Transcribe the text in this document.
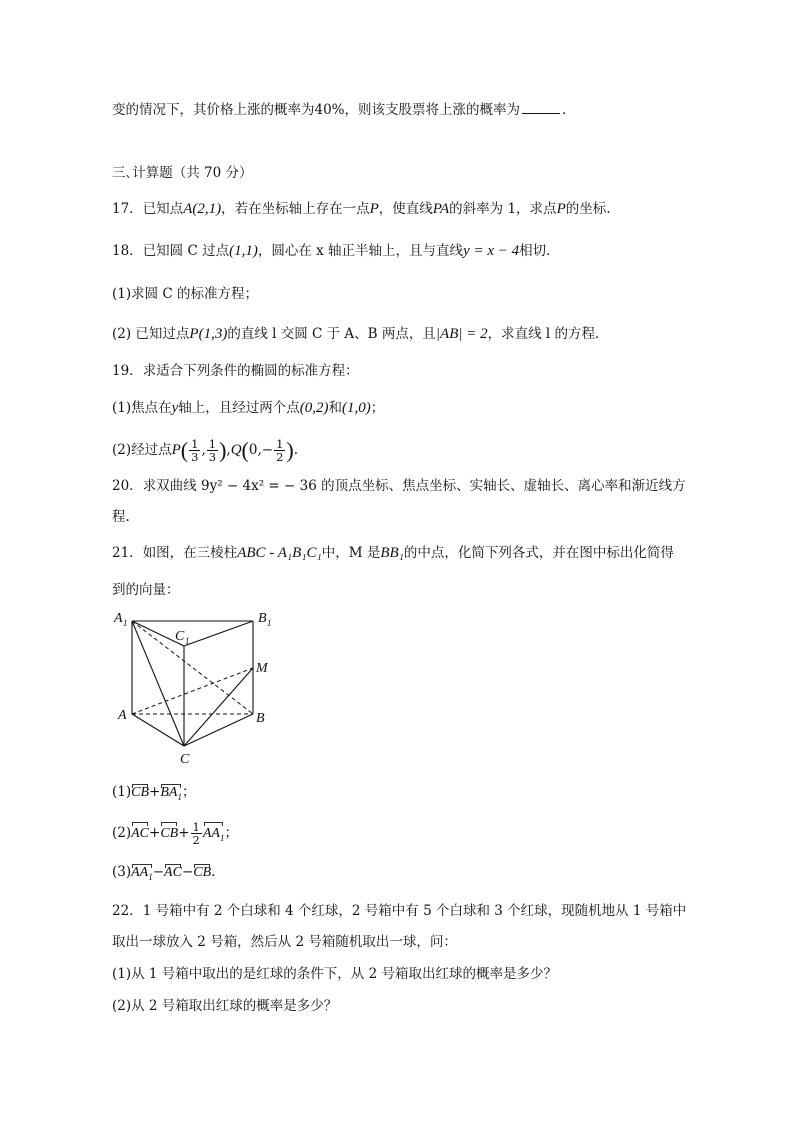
变的情况下，其价格上涨的概率为40%，则该支股票将上涨的概率为	.
三､计算题（共 70 分）
17．已知点A(2,1)，若在坐标轴上存在一点P，使直线PA的斜率为 1，求点P的坐标.
18．已知圆 C 过点(1,1)，圆心在 x 轴正半轴上，且与直线y = x − 4相切．
(1)求圆 C 的标准方程；
(2) 已知过点P(1,3)的直线 l 交圆 C 于 A、B 两点，且|AB| = 2，求直线 l 的方程．
19．求适合下列条件的椭圆的标准方程：
(1)焦点在y轴上，且经过两个点(0,2)和(1,0)；
(2)经过点$P( \frac{1}{3}$ , $\frac{1}{3} ),Q(0,- \frac{1}{2}$ ).
20．求双曲线 9y² − 4x² = − 36 的顶点坐标、焦点坐标、实轴长、虚轴长、离心率和渐近线方
程.
21．如图，在三棱柱ABC - A₁B₁C₁中，M 是BB₁的中点，化简下列各式，并在图中标出化简得
到的向量：
A 1	B 1
C 1
M
A	B
C
$(1)CB+BA_1$；
$(2)AC+CB+ \frac{1}{2} AA_1$；
$(3)AA_1-AC-CB$.
22．1 号箱中有 2 个白球和 4 个红球，2 号箱中有 5 个白球和 3 个红球，现随机地从 1 号箱中
取出一球放入 2 号箱，然后从 2 号箱随机取出一球，问：
(1)从 1 号箱中取出的是红球的条件下，从 2 号箱取出红球的概率是多少？
(2)从 2 号箱取出红球的概率是多少？
